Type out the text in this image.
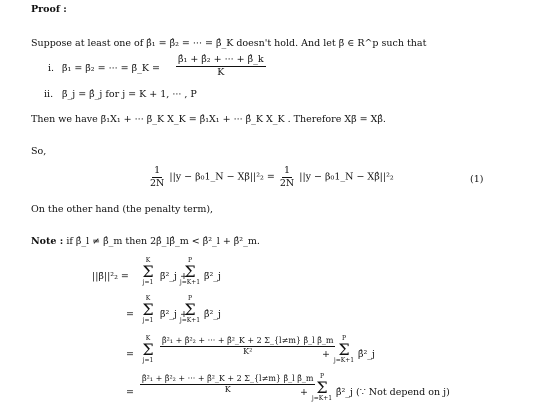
Proof :
Suppose at least one of β̂₁ = β̂₂ = ··· = β̂_K doesn't hold. And let β̃ ∈ R^p such that
i. β̃₁ = β̃₂ = ··· = β̃_K = $\frac{\text{β̂₁ + β̂₂ + ··· + β̂\_k}}{K}$
ii. β̃_j = β̂_j for j = K + 1, ··· , P
Then we have β̃₁X₁ + ··· β̃_K X_K = β̂₁X₁ + ··· β̂_K X_K . Therefore Xβ̃ = Xβ̂.
So,
$\frac{1}{2N} ||y$ − β₀1_N − Xβ̃||²₂ = $\frac{1}{2N} ||y$ − β₀1_N − Xβ̂||²₂	(1)
On the other hand (the penalty term),
Note : if β̂_l ≠ β̂_m then 2β̂_lβ̂_m < β̂²_l + β̂²_m.
||β̃||²₂ =
K
Σ
j=1
β̃²_j +
P
Σ
j=K+1
β̃²_j
=
K
Σ
j=1
β̃²_j +
P
Σ
j=K+1
β̂²_j
=
K
Σ
j=1
$\frac{\text{β̂²₁ + β̂²₂ + ··· + β̂²\_K + 2 Σ\_\{l≠m\} β̂\_l β̂\_m}}{\text{K²}}$
+
P
Σ
j=K+1
β̂²_j
= $\frac{\text{β̂²₁ + β̂²₂ + ··· + β̂²\_K + 2 Σ\_\{l≠m\} β̂\_l β̂\_m}}{K}$
+
P
Σ
j=K+1
β̂²_j (∵ Not depend on j)
